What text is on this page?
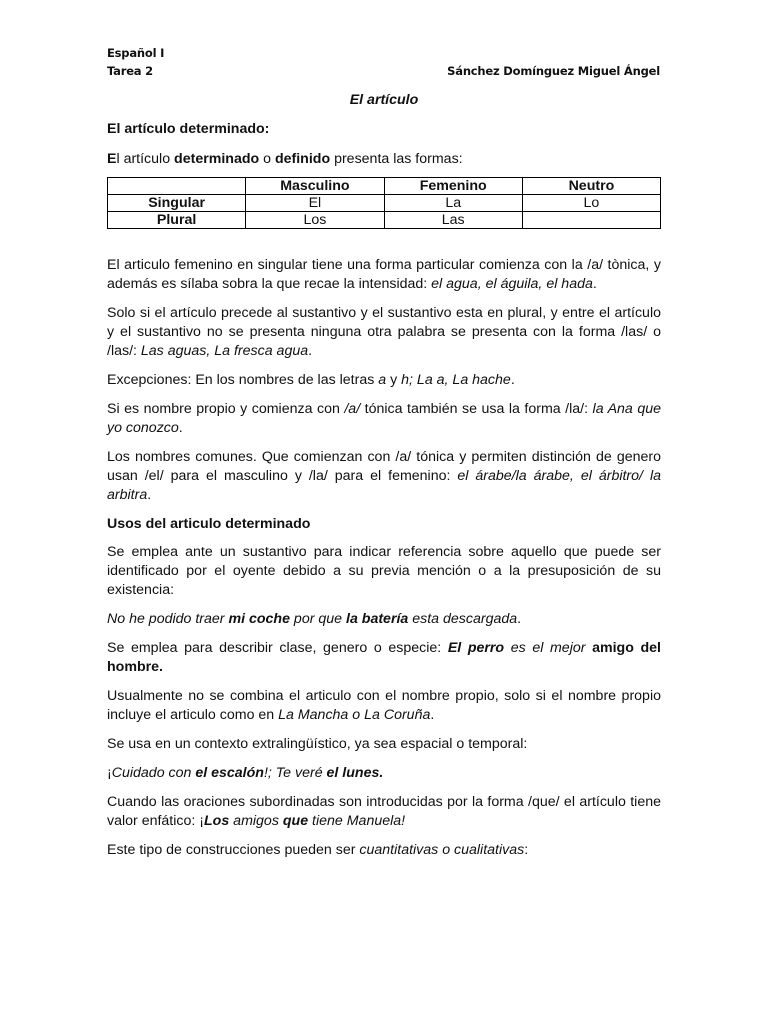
Español I
Tarea 2	Sánchez Domínguez Miguel Ángel
El artículo
El artículo determinado:

El artículo determinado o definido presenta las formas:

	Masculino	Femenino	Neutro
Singular	El	La	Lo
Plural	Los	Las	

El articulo femenino en singular tiene una forma particular comienza con la /a/ tònica, y además es sílaba sobra la que recae la intensidad: el agua, el águila, el hada.

Solo si el artículo precede al sustantivo y el sustantivo esta en plural, y entre el artículo y el sustantivo no se presenta ninguna otra palabra se presenta con la forma /las/ o /las/: Las aguas, La fresca agua.

Excepciones: En los nombres de las letras a y h; La a, La hache.

Si es nombre propio y comienza con /a/ tónica también se usa la forma /la/: la Ana que yo conozco.

Los nombres comunes. Que comienzan con /a/ tónica y permiten distinción de genero usan /el/ para el masculino y /la/ para el femenino: el árabe/la árabe, el árbitro/ la arbitra.

Usos del articulo determinado

Se emplea ante un sustantivo para indicar referencia sobre aquello que puede ser identificado por el oyente debido a su previa mención o a la presuposición de su existencia:

No he podido traer mi coche por que la batería esta descargada.

Se emplea para describir clase, genero o especie: El perro es el mejor amigo del hombre.

Usualmente no se combina el articulo con el nombre propio, solo si el nombre propio incluye el articulo como en La Mancha o La Coruña.

Se usa en un contexto extralingüístico, ya sea espacial o temporal:

¡Cuidado con el escalón!; Te veré el lunes.

Cuando las oraciones subordinadas son introducidas por la forma /que/ el artículo tiene valor enfático: ¡Los amigos que tiene Manuela!

Este tipo de construcciones pueden ser cuantitativas o cualitativas:
